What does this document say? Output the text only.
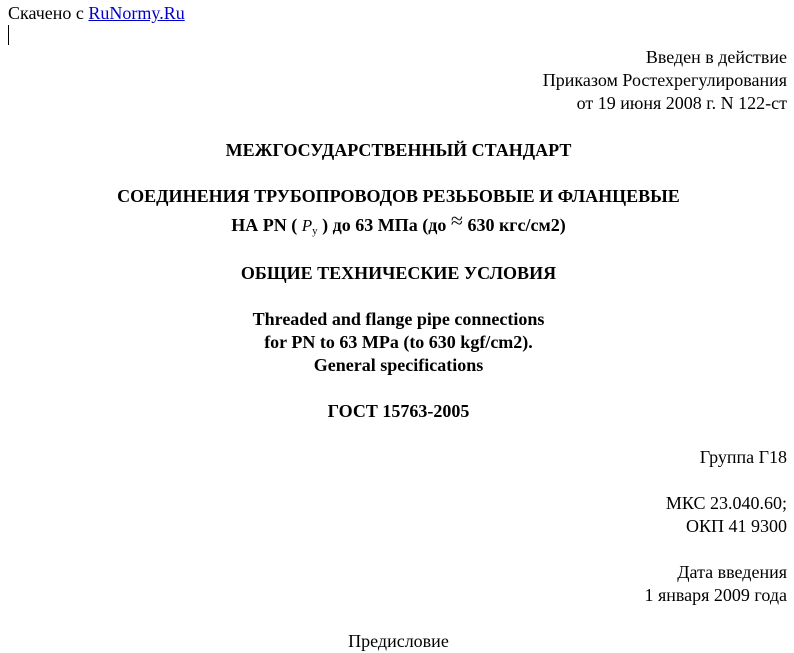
Скачено с RuNormy.Ru
Введен в действие
Приказом Ростехрегулирования
от 19 июня 2008 г. N 122-ст
МЕЖГОСУДАРСТВЕННЫЙ СТАНДАРТ
СОЕДИНЕНИЯ ТРУБОПРОВОДОВ РЕЗЬБОВЫЕ И ФЛАНЦЕВЫЕ
НА PN ( $P_у$ ) до 63 МПа (до ≈ 630 кгс/см2)
ОБЩИЕ ТЕХНИЧЕСКИЕ УСЛОВИЯ
Threaded and flange pipe connections
for PN to 63 MPa (to 630 kgf/cm2).
General specifications
ГОСТ 15763-2005
Группа Г18
МКС 23.040.60;
ОКП 41 9300
Дата введения
1 января 2009 года
Предисловие
